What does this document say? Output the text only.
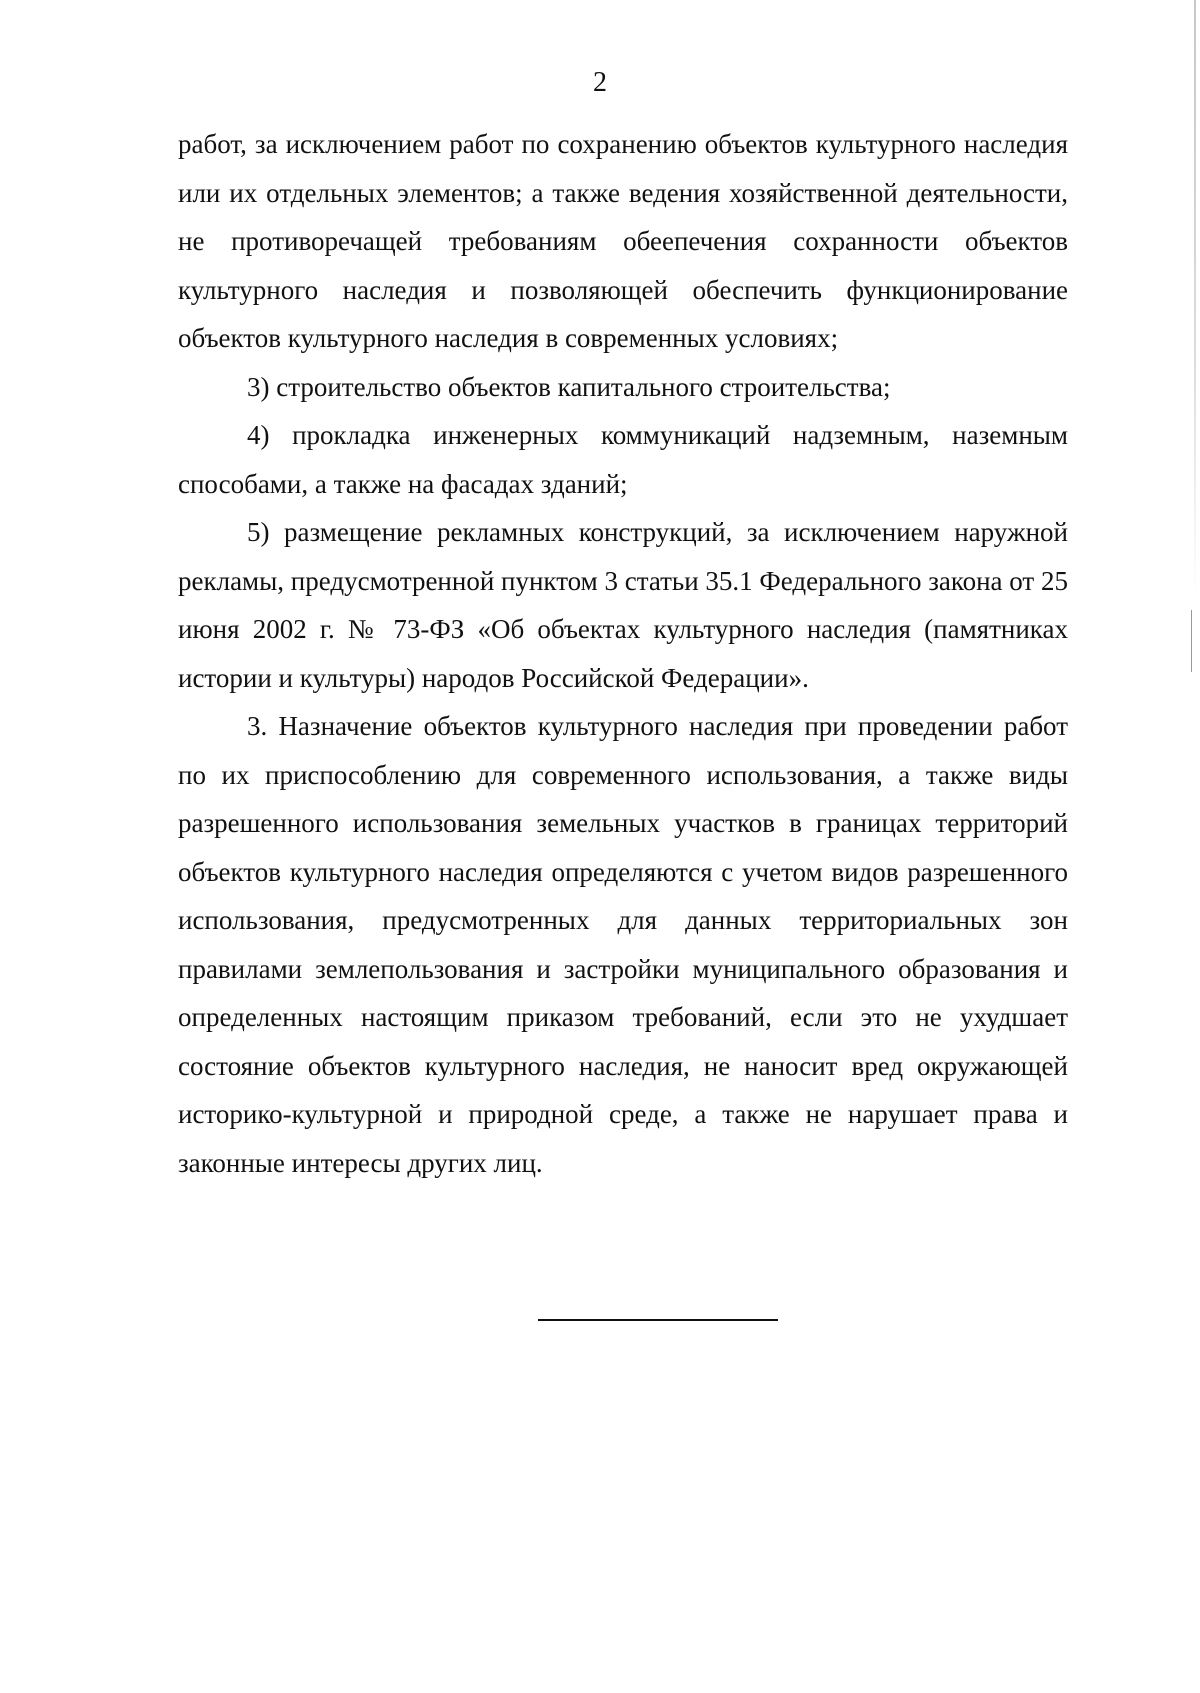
2

работ, за исключением работ по сохранению объектов культурного наследия или их отдельных элементов; а также ведения хозяйственной деятельности, не противоречащей требованиям обеепечения сохранности объектов культурного наследия и позволяющей обеспечить функционирование объектов культурного наследия в современных условиях;

3) строительство объектов капитального строительства;

4) прокладка инженерных коммуникаций надземным, наземным способами, а также на фасадах зданий;

5) размещение рекламных конструкций, за исключением наружной рекламы, предусмотренной пунктом 3 статьи 35.1 Федерального закона от 25 июня 2002 г. № 73-ФЗ «Об объектах культурного наследия (памятниках истории и культуры) народов Российской Федерации».

3. Назначение объектов культурного наследия при проведении работ по их приспособлению для современного использования, а также виды разрешенного использования земельных участков в границах территорий объектов культурного наследия определяются с учетом видов разрешенного использования, предусмотренных для данных территориальных зон правилами землепользования и застройки муниципального образования и определенных настоящим приказом требований, если это не ухудшает состояние объектов культурного наследия, не наносит вред окружающей историко-культурной и природной среде, а также не нарушает права и законные интересы других лиц.
